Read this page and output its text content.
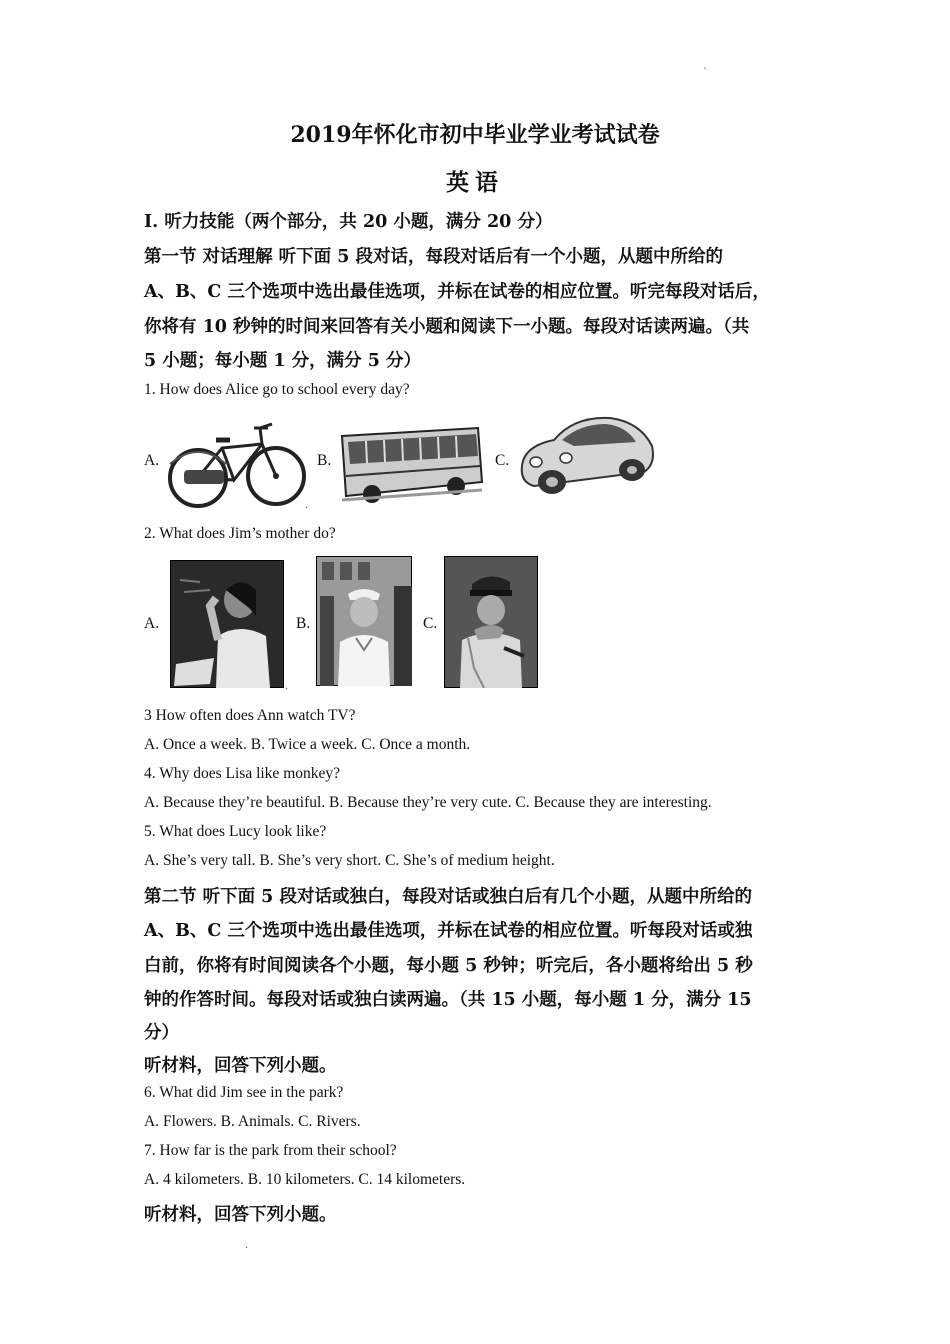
`
2019年怀化市初中毕业学业考试试卷
英语
I. 听力技能（两个部分，共 20 小题，满分 20 分）
第一节 对话理解 听下面 5 段对话，每段对话后有一个小题，从题中所给的
A、B、C 三个选项中选出最佳选项，并标在试卷的相应位置。听完每段对话后，
你将有 10 秒钟的时间来回答有关小题和阅读下一小题。每段对话读两遍。（共
5 小题；每小题 1 分，满分 5 分）
1. How does Alice go to school every day?
A.	B.	C.
2. What does Jim’s mother do?
A.	B.	C.
·
·
3 How often does Ann watch TV?
A. Once a week. B. Twice a week. C. Once a month.
4. Why does Lisa like monkey?
A. Because they’re beautiful. B. Because they’re very cute. C. Because they are interesting.
5. What does Lucy look like?
A. She’s very tall. B. She’s very short. C. She’s of medium height.
第二节 听下面 5 段对话或独白，每段对话或独白后有几个小题，从题中所给的
A、B、C 三个选项中选出最佳选项，并标在试卷的相应位置。听每段对话或独
白前，你将有时间阅读各个小题，每小题 5 秒钟；听完后，各小题将给出 5 秒
钟的作答时间。每段对话或独白读两遍。（共 15 小题，每小题 1 分，满分 15
分）
听材料，回答下列小题。
6. What did Jim see in the park?
A. Flowers. B. Animals. C. Rivers.
7. How far is the park from their school?
A. 4 kilometers. B. 10 kilometers. C. 14 kilometers.
听材料，回答下列小题。
·
